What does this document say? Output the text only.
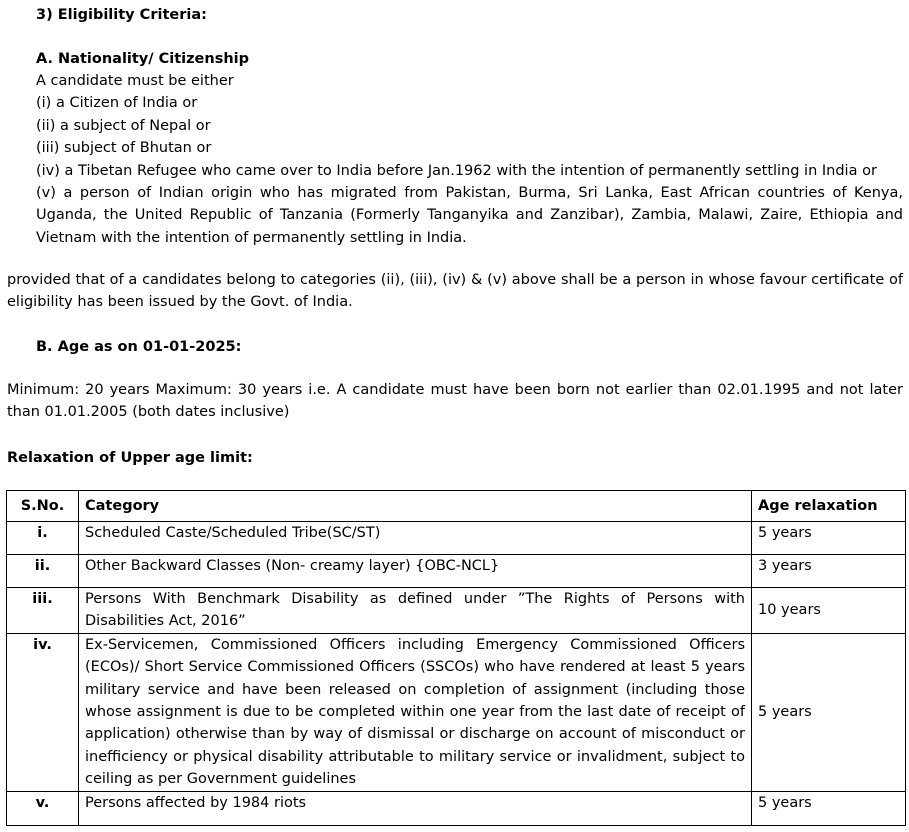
3) Eligibility Criteria:
A. Nationality/ Citizenship
A candidate must be either
(i) a Citizen of India or
(ii) a subject of Nepal or
(iii) subject of Bhutan or
(iv) a Tibetan Refugee who came over to India before Jan.1962 with the intention of permanently settling in India or
(v) a person of Indian origin who has migrated from Pakistan, Burma, Sri Lanka, East African countries of Kenya, Uganda, the United Republic of Tanzania (Formerly Tanganyika and Zanzibar), Zambia, Malawi, Zaire, Ethiopia and Vietnam with the intention of permanently settling in India.
provided that of a candidates belong to categories (ii), (iii), (iv) & (v) above shall be a person in whose favour certificate of eligibility has been issued by the Govt. of India.
B. Age as on 01-01-2025:
Minimum: 20 years Maximum: 30 years i.e. A candidate must have been born not earlier than 02.01.1995 and not later than 01.01.2005 (both dates inclusive)
Relaxation of Upper age limit:
S.No.	Category	Age relaxation
i.	Scheduled Caste/Scheduled Tribe(SC/ST)	5 years
ii.	Other Backward Classes (Non- creamy layer) {OBC-NCL}	3 years
iii.	Persons With Benchmark Disability as defined under ”The Rights of Persons with Disabilities Act, 2016”	10 years
iv.	Ex-Servicemen, Commissioned Officers including Emergency Commissioned Officers (ECOs)/ Short Service Commissioned Officers (SSCOs) who have rendered at least 5 years military service and have been released on completion of assignment (including those whose assignment is due to be completed within one year from the last date of receipt of application) otherwise than by way of dismissal or discharge on account of misconduct or inefficiency or physical disability attributable to military service or invalidment, subject to ceiling as per Government guidelines	5 years
v.	Persons affected by 1984 riots	5 years
